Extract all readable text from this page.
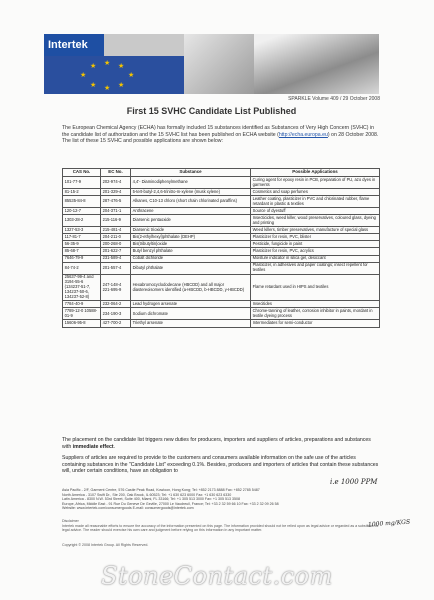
Intertek
★ ★
★
★
★
★
★
★
SPARKLE Volume 409 / 29 October 2008
First 15 SVHC Candidate List Published
The European Chemical Agency (ECHA) has formally included 15 substances identified as Substances of Very High Concern (SVHC) in the candidate list of authorization and the 15 SVHC list has been published on ECHA website (http://echa.europa.eu) on 28 October 2008. The list of these 15 SVHC and possible applications are shown below:
CAS No.	EC No.	Substance	Possible Applications
101-77-9	202-974-4	4,4'- Diaminodiphenylmethane	Curing agent for epoxy resin in PCB, preparation of PU, azo dyes in garments
81-15-2	201-329-4	5-tert-butyl-2,4,6-trinitro-m-xylene (musk xylene)	Cosmetics and soap perfumes
85535-84-8	287-476-5	Alkanes, C10-13 chloro (short chain chlorinated paraffins)	Leather coating, plasticizer in PVC and chlorinated rubber, flame retardant in plastic & textiles
120-12-7	204-371-1	Anthracene	Source of dyestuff
1303-28-2	215-116-9	Diarsenic pentaoxide	Insecticides, weed killer, wood preservatives, coloured glass, dyeing and printing
1327-53-3	215-481-4	Diarsenic trioxide	Weed killers, timber preservatives, manufacture of special glass
117-81-7	204-211-0	Bis(2-ethylhexyl)phthalate (DEHP)	Plasticizer for resin, PVC, blister
56-35-9	200-268-0	Bis(tributyltin)oxide	Pesticide, fungicide in paint
85-68-7	201-622-7	Butyl benzyl phthalate	Plasticizer for resin, PVC, acrylics
7646-79-9	231-589-4	Cobalt dichloride	Moisture indicator in silica gel, desiccant
84-74-2	201-557-4	Dibutyl phthalate	Plasticizer, in adhesives and paper coatings; insect repellent for textiles
25637-99-4 and 3194-55-6 (134237-51-7, 134237-50-6, 134237-52-8)	247-148-4 221-695-9	Hexabromocyclododecane (HBCDD) and all major diastereoisomers identified (a-HBCDD, b-HBCDD, y-HBCDD)	Flame retardant used in HIPS and textiles
7784-40-9	232-064-2	Lead hydrogen arsenate	Insecitides
7789-12-0 10588-01-9	234-190-3	Sodium dichromate	Chrome-tanning of leather, corrosion inhibitor in paints, mordant in textile dyeing process
15606-95-8	427-700-2	Triethyl arsenate	Intermediates for semi-conductor
The placement on the candidate list triggers new duties for producers, importers and suppliers of articles, preparations and substances with immediate effect.
Suppliers of articles are required to provide to the customers and consumers available information on the safe use of the articles containing substances in the "Candidate List" exceeding 0.1%. Besides, producers and importers of articles that contain these substances will, under certain conditions, have an obligation to
i.e 1000 PPM
Asia Pacific - 2/F, Garment Centre, 576 Castle Peak Road, Kowloon, Hong Kong; Tel: +852 2173 8888 Fax: +852 2785 5487
North America - 3107 Swift Dr., Ste 200, Oak Brook, IL 60523; Tel: +1 630 623 6000 Fax: +1 630 623 6330
Latin America - 8300 N.W. 53rd Street, Suite 400, Miami, FL 33166; Tel: +1 305 513 3000 Fax: +1 305 513 3508
Europe, Africa, Middle East - 91 Rue Du Geneve De Geville, 27000 Le Vaudreuil, France; Tel: +33 2 32 59 66 10 Fax: +33 2 32 09 26 58
Website: www.intertek.com/consumergoods E-mail: consumergoods@intertek.com
Disclaimer
Intertek made all reasonable efforts to ensure the accuracy of the information presented on this page. The information provided should not be relied upon as legal advice or regarded as a substitute for legal advice. The reader should exercise his own care and judgment before relying on this information in any important matter.
1000 mg/KGS
Copyright © 2008 Intertek Group. All Rights Reserved.
StoneContact.com
